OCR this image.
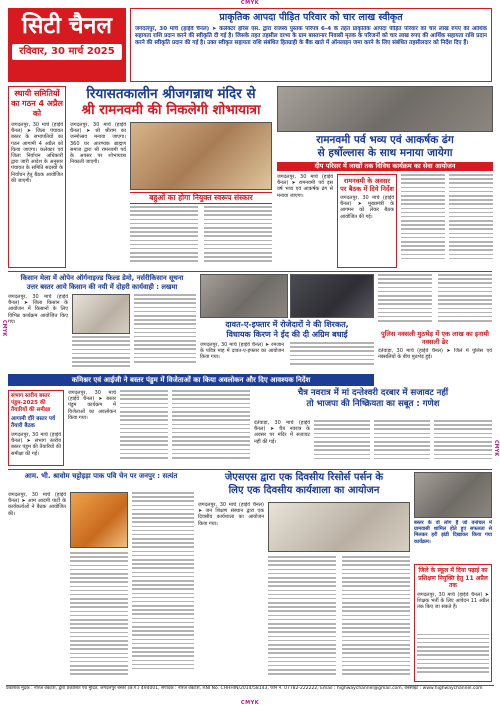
CMYK
CMYK
CMYK
CMYK
सिटी चैनल
रविवार, 30 मार्च 2025
प्राकृतिक आपदा पीड़ित परिवार को चार लाख स्वीकृत
जगदलपुर, 30 मार्च (हाईवे चैनल) ➤ कलेक्टर हरिस एस. द्वारा राजस्व पुस्तक परिपत्र 6-4 के तहत प्राकृतिक आपदा पीड़ित परिवार को चार लाख रुपए की आर्थिक सहायता राशि प्रदान करने की स्वीकृति दी गई है। जिसके तहत तहसील दरभा के ग्राम बास्तानार निवासी मृतक के परिजनों को चार लाख रुपए की आर्थिक सहायता राशि प्रदान करने की स्वीकृति प्रदान की गई है। उक्त स्वीकृत सहायता राशि संबंधित हितग्राही के बैंक खाते में ऑनलाइन जमा करने के लिए संबंधित तहसीलदार को निर्देश दिए हैं।
स्थायी समितियों का गठन 4 अप्रैल को
जगदलपुर, 30 मार्च (हाईवे चैनल) ➤ जिला पंचायत बस्तर के सभापतियों का गठन आगामी 4 अप्रैल को किया जाएगा। कलेक्टर एवं जिला निर्वाचन अधिकारी द्वारा जारी आदेश के अनुसार पंचायत के समिति सदस्यों के निर्वाचन हेतु बैठक आयोजित की जाएगी।
रियासतकालीन श्रीजगन्नाथ मंदिर से
श्री रामनवमी की निकलेगी शोभायात्रा
जगदलपुर, 30 मार्च (हाईवे चैनल) ➤ श्री श्रीराम का जन्मोत्सव मनाया जाएगा। 360 घर आरण्यक ब्राह्मण समाज द्वारा श्री रामनवमी पर्व के अवसर पर शोभायात्रा निकाली जाएगी।
बहुओं का होगा नियुक्त स्वरूप संस्कार
रामनवमी पर्व भव्य एवं आकर्षक ढंग
से हर्षोल्लास के साथ मनाया जायेगा
दीप परिसर में लाखों तक विविध कार्यक्रम का सेवा आयोजन
जगदलपुर, 30 मार्च (हाईवे चैनल) ➤ रामनवमी पर्व इस वर्ष भव्य एवं आकर्षक ढंग से मनाया जाएगा।
रामनवमी के अवसर पर बैठक में दिये निर्देश
जगदलपुर, 30 मार्च (हाईवे चैनल) ➤ मुख्यमंत्री के आगमन को लेकर बैठक आयोजित की गई।
किसान मेला में ओपेन ऑर्गनाइज्ड फिल्ड डेमो, नर्सरीकिसान सूचना
उत्तर बस्तर आये किसान की नयी में दोहरी कार्यवाही : लखमा
जगदलपुर, 30 मार्च (हाईवे चैनल) ➤ जिला किसान के आयोजन में किसानों के लिए विभिन्न कार्यक्रम आयोजित किए गए।	दावत-ए-इफ्तार में रोजेदारों ने की शिरकत,
विधायक किरण ने ईद की दी अग्रिम बधाई
जगदलपुर, 30 मार्च (हाईवे चैनल) ➤ रमजान के पवित्र माह में दावत-ए-इफ्तार का आयोजन किया गया।
पुलिस नक्सली मुठभेड़ में एक लाख का इनामी नक्सली ढेर
दंतेवाड़ा, 30 मार्च (हाईवे चैनल) ➤ जिले में पुलिस एवं नक्सलियों के बीच मुठभेड़ हुई।
कमिश्नर एवं आईजी ने बस्तर पंडुम में विजेताओं का किया अवलोकन और दिए आवश्यक निर्देश
चैत्र नवरात्र में मां दन्तेश्वरी दरबार में सजावट नहीं
तो भाजपा की निष्क्रियता का सबूत : गणेश
संभाग स्तरीय बस्तर पंडुम-2025 की तैयारियों की समीक्षा
आगामी दौरे बस्तर पर्व तैयारी बैठक
जगदलपुर, 30 मार्च (हाईवे चैनल) ➤ संभाग स्तरीय बस्तर पंडुम की तैयारियों की समीक्षा की गई।
जगदलपुर, 30 मार्च (हाईवे चैनल) ➤ बस्तर पंडुम कार्यक्रम में विजेताओं का अवलोकन किया गया।
दंतेवाड़ा, 30 मार्च (हाईवे चैनल) ➤ चैत्र नवरात्र के अवसर पर मंदिर में सजावट नहीं की गई।
आम. भी. श्रावोम चट्टोइड़ा पाक पवि चेन पर जनपुर : सत्यंत
जगदलपुर, 30 मार्च (हाईवे चैनल) ➤ आम आदमी पार्टी के कार्यकर्ताओं ने बैठक आयोजित की।
जेएसएस द्वारा एक दिवसीय रिसोर्स पर्सन के
लिए एक दिवसीय कार्यशाला का आयोजन
जगदलपुर, 30 मार्च (हाईवे चैनल) ➤ जन शिक्षण संस्थान द्वारा एक दिवसीय कार्यशाला का आयोजन किया गया।	बस्तर के वो लोग हैं जो वनांचल में ग्रामवासी शामिल होते हुए सफलता से मिलकर हरी झंडी दिखाकर किया गया कार्यक्रम।
जिले के स्कूल में दिया पढ़ाई का प्रशिक्षण नियुक्ति हेतु 11 अप्रैल तक
जगदलपुर, 30 मार्च (हाईवे चैनल) ➤ शिक्षक भर्ती के लिए आवेदन 11 अप्रैल तक किए जा सकते हैं।
प्रकाशक मुद्रक : नीरज वेंकटेश, द्वारा प्रकाशित एवं मुद्रित, जगदलपुर बस्तर (छ.ग.) 494001, संपादक : नीरज वेंकटेश, RNI No. CHHHIN/2014/58143, फोन नं. 07782-222222, Email : highwaychannel@gmail.com, वेबसाइट : www.highwaychannel.com
